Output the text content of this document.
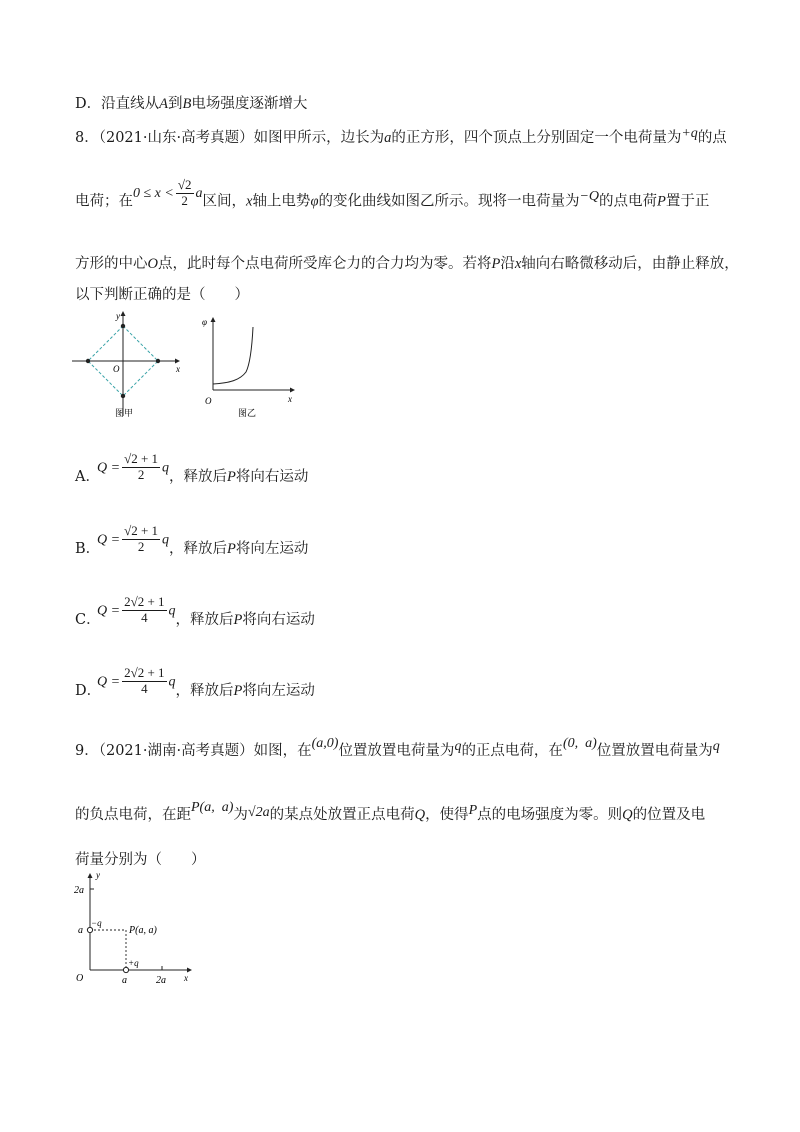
D．沿直线从A到B电场强度逐渐增大
8．（2021·山东·高考真题）如图甲所示，边长为a的正方形，四个顶点上分别固定一个电荷量为+q的点
电荷；在$0 \le x < \frac{√2}{2}$ a区间，x轴上电势φ的变化曲线如图乙所示。现将一电荷量为−Q的点电荷P置于正
方形的中心O点，此时每个点电荷所受库仑力的合力均为零。若将P沿x轴向右略微移动后，由静止释放，
以下判断正确的是（　　）
y
x
O
图甲
φ
x
O
图乙
A．$Q = \frac{√2 + 1}{2}$ q，释放后P将向右运动
B．$Q = \frac{√2 + 1}{2}$ q，释放后P将向左运动
C．$Q = \frac{2√2 + 1}{4}$ q，释放后P将向右运动
D．$Q = \frac{2√2 + 1}{4}$ q，释放后P将向左运动
9．（2021·湖南·高考真题）如图，在(a,0)位置放置电荷量为q的正点电荷，在(0,  a)位置放置电荷量为q
的负点电荷，在距P(a,  a)为√2a的某点处放置正点电荷Q，使得P点的电场强度为零。则Q的位置及电
荷量分别为（　　）
y
x
O
2a
a
a	2a
−q
+q
P(a, a)
